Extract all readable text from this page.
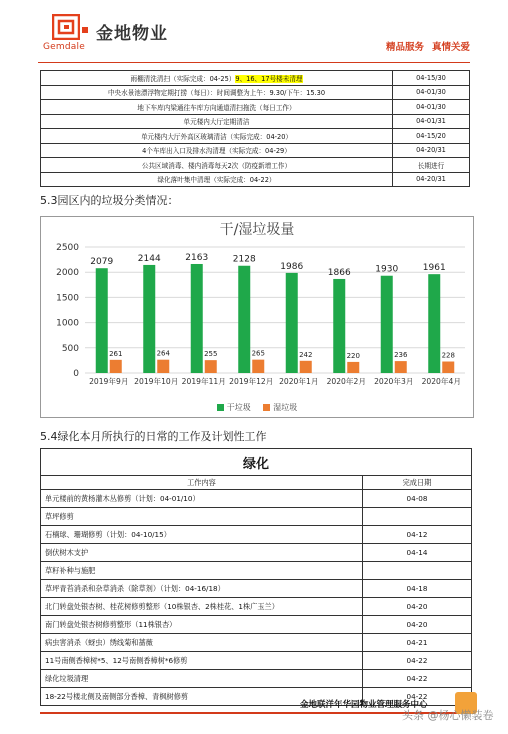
Gemdale
金地物业
精品服务 真情关爱
雨棚清洗清扫（实际完成：04-25）9、16、17号楼未清理	04-15/30
中央水景池漂浮物定期打捞（每日）：时间调整为上午：9.30/下午：15.30	04-01/30
地下车库内梁通往车库方向通道清扫拖洗（每日工作）	04-01/30
单元楼内大厅定期清洁	04-01/31
单元楼内大厅外高区玻璃清洁（实际完成：04-20）	04-15/20
4个车库出入口及排水沟清理（实际完成：04-29）	04-20/31
公共区域消毒、楼内消毒每天2次（防疫新增工作）	长期进行
绿化落叶集中清理（实际完成：04-22）	04-20/31
5.3园区内的垃圾分类情况：
0
500
1000
1500
2000
2500
2079
261
2019年9月
2144
264
2019年10月
2163
255
2019年11月
2128
265
2019年12月
1986
242
2020年1月
1866
220
2020年2月
1930
236
2020年3月
1961
228
2020年4月
干/湿垃圾量
干垃圾	湿垃圾
5.4绿化本月所执行的日常的工作及计划性工作
绿化	
工作内容	完成日期
单元楼前的黄杨灌木丛修剪（计划：04-01/10）	04-08
草坪修剪	
石楠球、珊瑚修剪（计划：04-10/15）	04-12
倒伏树木支护	04-14
草籽补种与施肥	
草坪青苔消杀和杂草消杀（除草剂）（计划：04-16/18）	04-18
北门转盘处银杏树、桂花树修剪整形（10株银杏、2株桂花、1株广玉兰）	04-20
南门转盘处银杏树修剪整形（11株银杏）	04-20
病虫害消杀（蚜虫）绣线菊和蔷薇	04-21
11号南侧香樟树*5、12号南侧香樟树*6修剪	04-22
绿化垃圾清理	04-22
18-22号楼北侧及南侧部分香樟、青枫树修剪	04-22
金地联洋年华园物业管理服务中心
头条 @杨心懒装卷
